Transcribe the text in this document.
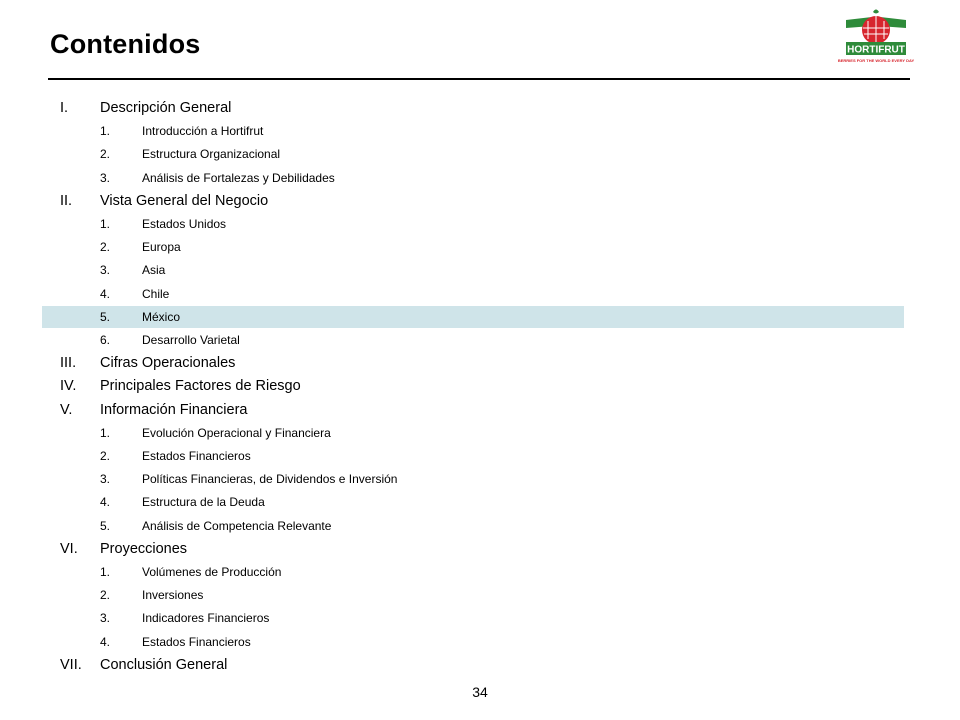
Contenidos	HORTIFRUT
BERRIES FOR THE WORLD EVERY DAY
I. Descripción General
1.	Introducción a Hortifrut
2.	Estructura Organizacional
3.	Análisis de Fortalezas y Debilidades
II. Vista General del Negocio
1.	Estados Unidos
2.	Europa
3.	Asia
4.	Chile
5.	México
6.	Desarrollo Varietal
III. Cifras Operacionales
IV. Principales Factores de Riesgo
V. Información Financiera
1.	Evolución Operacional y Financiera
2.	Estados Financieros
3.	Políticas Financieras, de Dividendos e Inversión
4.	Estructura de la Deuda
5.	Análisis de Competencia Relevante
VI. Proyecciones
1.	Volúmenes de Producción
2.	Inversiones
3.	Indicadores Financieros
4.	Estados Financieros
VII. Conclusión General
34
